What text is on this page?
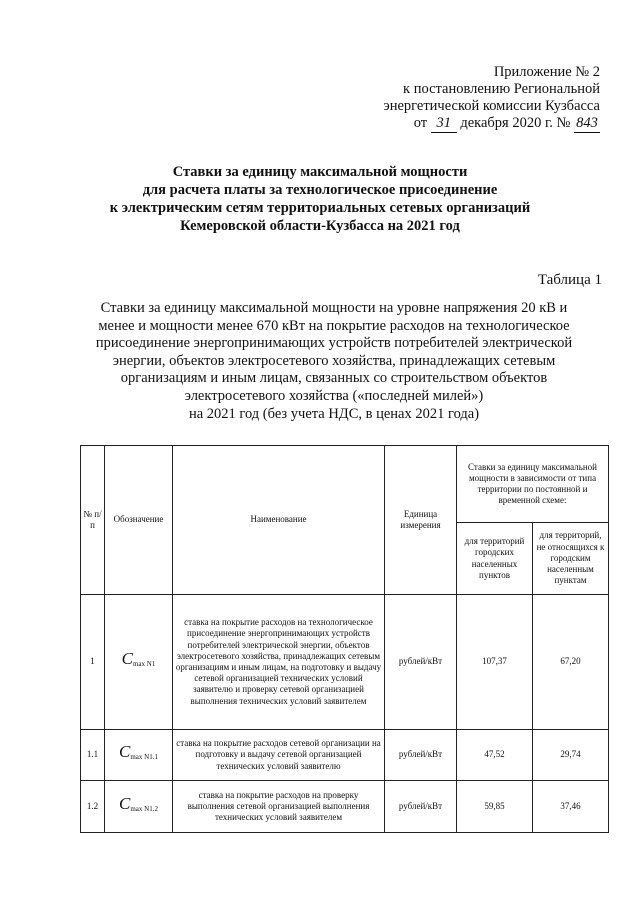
Приложение № 2
к постановлению Региональной
энергетической комиссии Кузбасса
от 31 декабря 2020 г. № 843
Ставки за единицу максимальной мощности
для расчета платы за технологическое присоединение
к электрическим сетям территориальных сетевых организаций
Кемеровской области-Кузбасса на 2021 год
Таблица 1
Ставки за единицу максимальной мощности на уровне напряжения 20 кВ и
менее и мощности менее 670 кВт на покрытие расходов на технологическое
присоединение энергопринимающих устройств потребителей электрической
энергии, объектов электросетевого хозяйства, принадлежащих сетевым
организациям и иным лицам, связанных со строительством объектов
электросетевого хозяйства («последней милей»)
на 2021 год (без учета НДС, в ценах 2021 года)
№ п/п	Обозначение	Наименование	Единица измерения	Ставки за единицу максимальной мощности в зависимости от типа территории по постоянной и временной схеме:	
				для территорий городских населенных пунктов	для территорий, не относящихся к городским населенным пунктам
1	$C_{max N1}$	ставка на покрытие расходов на технологическое присоединение энергопринимающих устройств потребителей электрической энергии, объектов электросетевого хозяйства, принадлежащих сетевым организациям и иным лицам, на подготовку и выдачу сетевой организацией технических условий заявителю и проверку сетевой организацией выполнения технических условий заявителем	рублей/кВт	107,37	67,20
1.1	$C_{max N1.1}$	ставка на покрытие расходов сетевой организации на подготовку и выдачу сетевой организацией технических условий заявителю	рублей/кВт	47,52	29,74
1.2	$C_{max N1.2}$	ставка на покрытие расходов на проверку выполнения сетевой организацией выполнения технических условий заявителем	рублей/кВт	59,85	37,46
